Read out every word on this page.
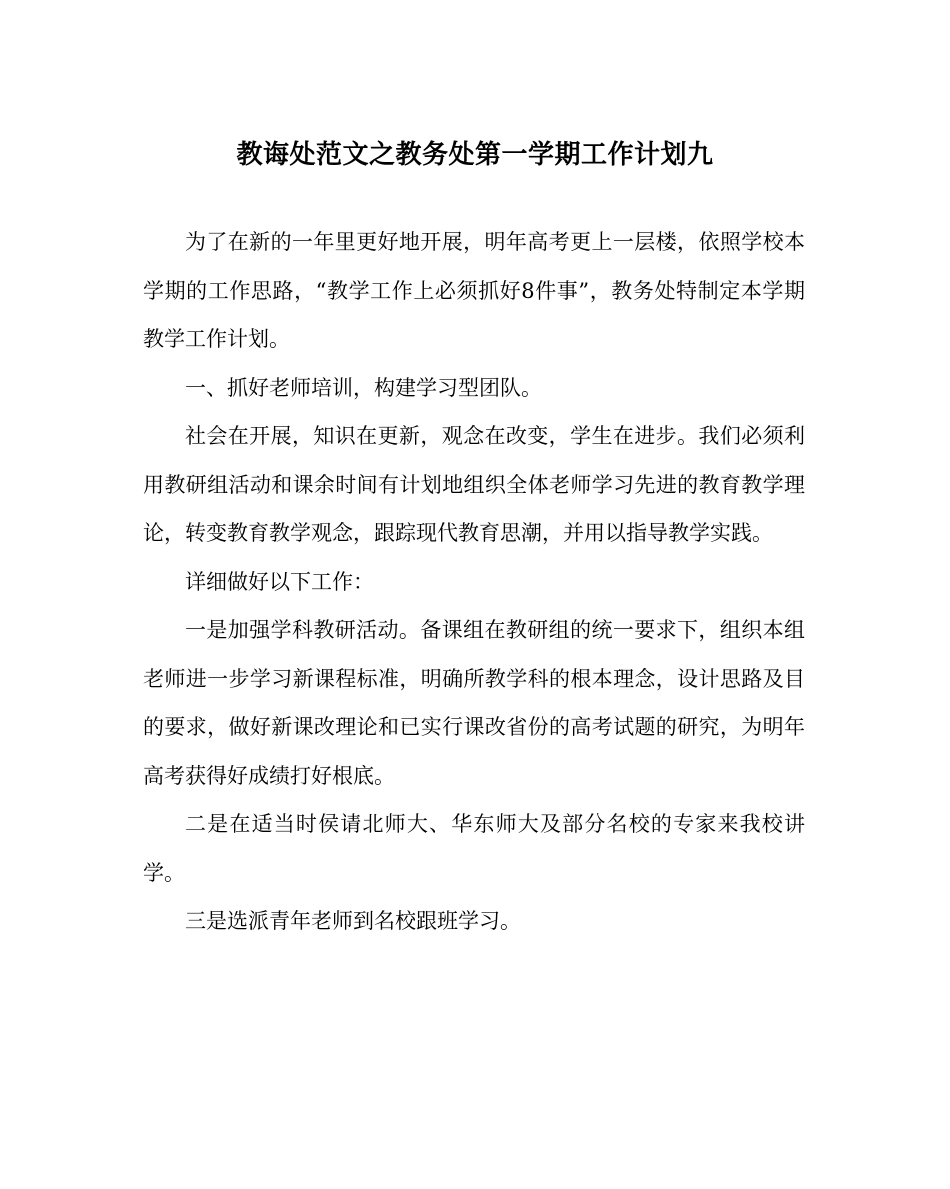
教诲处范文之教务处第一学期工作计划九

为了在新的一年里更好地开展，明年高考更上一层楼，依照学校本学期的工作思路，“教学工作上必须抓好8件事”，教务处特制定本学期教学工作计划。

一、抓好老师培训，构建学习型团队。

社会在开展，知识在更新，观念在改变，学生在进步。我们必须利用教研组活动和课余时间有计划地组织全体老师学习先进的教育教学理论，转变教育教学观念，跟踪现代教育思潮，并用以指导教学实践。

详细做好以下工作：

一是加强学科教研活动。备课组在教研组的统一要求下，组织本组老师进一步学习新课程标准，明确所教学科的根本理念，设计思路及目的要求，做好新课改理论和已实行课改省份的高考试题的研究，为明年高考获得好成绩打好根底。

二是在适当时侯请北师大、华东师大及部分名校的专家来我校讲学。

三是选派青年老师到名校跟班学习。
